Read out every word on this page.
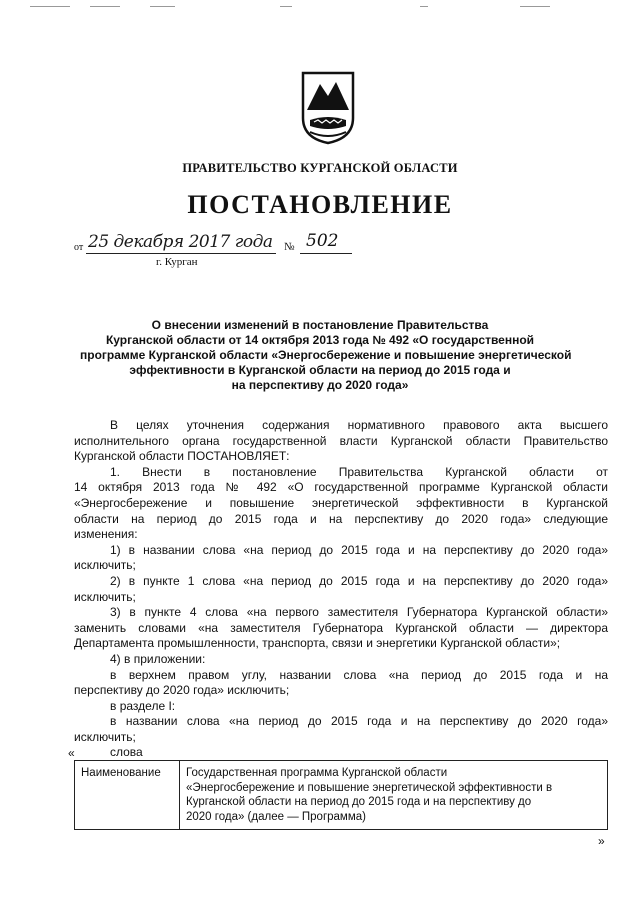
ПРАВИТЕЛЬСТВО КУРГАНСКОЙ ОБЛАСТИ
ПОСТАНОВЛЕНИЕ
от 25 декабря 2017 года № 502
г. Курган
О внесении изменений в постановление Правительства
Курганской области от 14 октября 2013 года № 492 «О государственной
программе Курганской области «Энергосбережение и повышение энергетической
эффективности в Курганской области на период до 2015 года и
на перспективу до 2020 года»
В целях уточнения содержания нормативного правового акта высшего
исполнительного органа государственной власти Курганской области Правительство
Курганской области ПОСТАНОВЛЯЕТ:
1. Внести в постановление Правительства Курганской области от
14 октября 2013 года № 492 «О государственной программе Курганской области
«Энергосбережение и повышение энергетической эффективности в Курганской
области на период до 2015 года и на перспективу до 2020 года» следующие
изменения:
1) в названии слова «на период до 2015 года и на перспективу до 2020 года»
исключить;
2) в пункте 1 слова «на период до 2015 года и на перспективу до 2020 года»
исключить;
3) в пункте 4 слова «на первого заместителя Губернатора Курганской области»
заменить словами «на заместителя Губернатора Курганской области — директора
Департамента промышленности, транспорта, связи и энергетики Курганской области»;
4) в приложении:
в верхнем правом углу, названии слова «на период до 2015 года и на
перспективу до 2020 года» исключить;
в разделе I:
в названии слова «на период до 2015 года и на перспективу до 2020 года»
исключить;
слова
«
Наименование	Государственная программа Курганской области
«Энергосбережение и повышение энергетической эффективности в
Курганской области на период до 2015 года и на перспективу до
2020 года» (далее — Программа)
»
